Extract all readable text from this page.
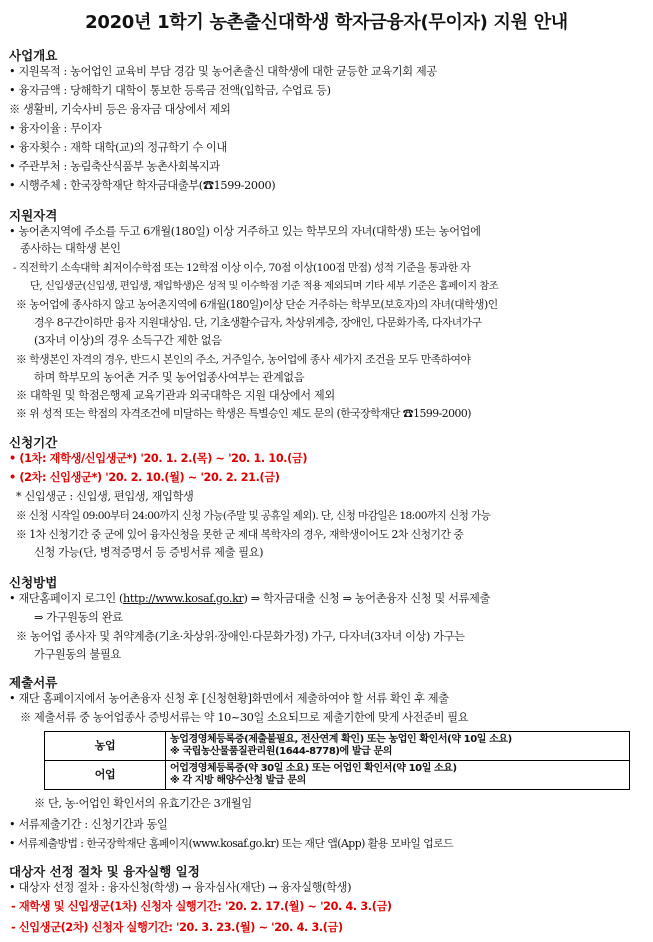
2020년 1학기 농촌출신대학생 학자금융자(무이자) 지원 안내
사업개요
• 지원목적 : 농어업인 교육비 부담 경감 및 농어촌출신 대학생에 대한 균등한 교육기회 제공
• 융자금액 : 당해학기 대학이 통보한 등록금 전액(입학금, 수업료 등)
※ 생활비, 기숙사비 등은 융자금 대상에서 제외
• 융자이율 : 무이자
• 융자횟수 : 재학 대학(교)의 정규학기 수 이내
• 주관부처 : 농림축산식품부 농촌사회복지과
• 시행주체 : 한국장학재단 학자금대출부(☎1599-2000)
지원자격
• 농어촌지역에 주소를 두고 6개월(180일) 이상 거주하고 있는 학부모의 자녀(대학생) 또는 농어업에
종사하는 대학생 본인
- 직전학기 소속대학 최저이수학점 또는 12학점 이상 이수, 70점 이상(100점 만점) 성적 기준을 통과한 자
단, 신입생군(신입생, 편입생, 재입학생)은 성적 및 이수학점 기준 적용 제외되며 기타 세부 기준은 홈페이지 참조
※ 농어업에 종사하지 않고 농어촌지역에 6개월(180일)이상 단순 거주하는 학부모(보호자)의 자녀(대학생)인
경우 8구간이하만 융자 지원대상임. 단, 기초생활수급자, 차상위계층, 장애인, 다문화가족, 다자녀가구
(3자녀 이상)의 경우 소득구간 제한 없음
※ 학생본인 자격의 경우, 반드시 본인의 주소, 거주일수, 농어업에 종사 세가지 조건을 모두 만족하여야
하며 학부모의 농어촌 거주 및 농어업종사여부는 관계없음
※ 대학원 및 학점은행제 교육기관과 외국대학은 지원 대상에서 제외
※ 위 성적 또는 학점의 자격조건에 미달하는 학생은 특별승인 제도 문의 (한국장학재단 ☎1599-2000)
신청기간
• (1차: 재학생/신입생군*) '20. 1. 2.(목) ~ '20. 1. 10.(금)
• (2차: 신입생군*) '20. 2. 10.(월) ~ '20. 2. 21.(금)
* 신입생군 : 신입생, 편입생, 재입학생
※ 신청 시작일 09:00부터 24:00까지 신청 가능(주말 및 공휴일 제외). 단, 신청 마감일은 18:00까지 신청 가능
※ 1차 신청기간 중 군에 있어 융자신청을 못한 군 제대 복학자의 경우, 재학생이어도 2차 신청기간 중
신청 가능(단, 병적증명서 등 증빙서류 제출 필요)
신청방법
• 재단홈페이지 로그인 (http://www.kosaf.go.kr) ⇒ 학자금대출 신청 ⇒ 농어촌융자 신청 및 서류제출
⇒ 가구원동의 완료
※ 농어업 종사자 및 취약계층(기초·차상위·장애인·다문화가정) 가구, 다자녀(3자녀 이상) 가구는
가구원동의 불필요
제출서류
• 재단 홈페이지에서 농어촌융자 신청 후 [신청현황]화면에서 제출하여야 할 서류 확인 후 제출
※ 제출서류 중 농어업종사 증빙서류는 약 10~30일 소요되므로 제출기한에 맞게 사전준비 필요
농업	농업경영체등록증(제출불필요, 전산연계 확인) 또는 농업인 확인서(약 10일 소요)
※ 국립농산물품질관리원(1644-8778)에 발급 문의

어업	어업경영체등록증(약 30일 소요) 또는 어업인 확인서(약 10일 소요)
※ 각 지방 해양수산청 발급 문의
※ 단, 농·어업인 확인서의 유효기간은 3개월임
• 서류제출기간 : 신청기간과 동일
• 서류제출방법 : 한국장학재단 홈페이지(www.kosaf.go.kr) 또는 재단 앱(App) 활용 모바일 업로드
대상자 선정 절차 및 융자실행 일정
• 대상자 선정 절차 : 융자신청(학생) → 융자심사(재단) → 융자실행(학생)
- 재학생 및 신입생군(1차) 신청자 실행기간: '20. 2. 17.(월) ~ '20. 4. 3.(금)
- 신입생군(2차) 신청자 실행기간: '20. 3. 23.(월) ~ '20. 4. 3.(금)
